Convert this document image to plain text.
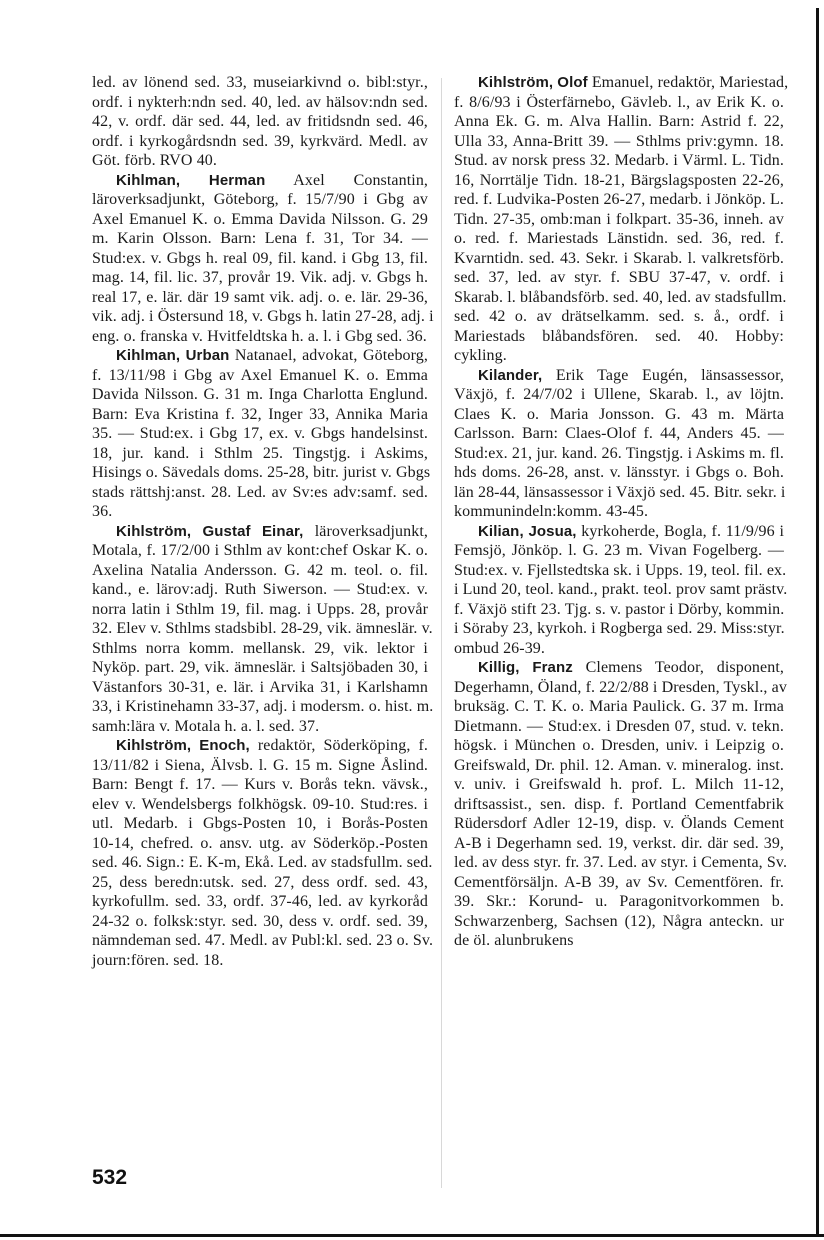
led. av lönend sed. 33, museiarkivnd o. bibl:styr.,
ordf. i nykterh:ndn sed. 40, led. av hälsov:ndn sed.
42, v. ordf. där sed. 44, led. av fritidsndn sed. 46,
ordf. i kyrkogårdsndn sed. 39, kyrkvärd. Medl. av
Göt. förb. RVO 40.
Kihlman, Herman Axel Constantin,
läroverksadjunkt, Göteborg, f. 15/7/90 i Gbg av
Axel Emanuel K. o. Emma Davida Nilsson. G. 29
m. Karin Olsson. Barn: Lena f. 31, Tor 34. —
Stud:ex. v. Gbgs h. real 09, fil. kand. i Gbg 13, fil.
mag. 14, fil. lic. 37, provår 19. Vik. adj. v. Gbgs h.
real 17, e. lär. där 19 samt vik. adj. o. e. lär. 29-36,
vik. adj. i Östersund 18, v. Gbgs h. latin 27-28, adj. i
eng. o. franska v. Hvitfeldtska h. a. l. i Gbg sed. 36.
Kihlman, Urban Natanael, advokat, Göteborg,
f. 13/11/98 i Gbg av Axel Emanuel K. o. Emma
Davida Nilsson. G. 31 m. Inga Charlotta Englund.
Barn: Eva Kristina f. 32, Inger 33, Annika Maria
35. — Stud:ex. i Gbg 17, ex. v. Gbgs handelsinst.
18, jur. kand. i Sthlm 25. Tingstjg. i Askims,
Hisings o. Sävedals doms. 25-28, bitr. jurist v. Gbgs
stads rättshj:anst. 28. Led. av Sv:es adv:samf. sed.
36.
Kihlström, Gustaf Einar, läroverksadjunkt,
Motala, f. 17/2/00 i Sthlm av kont:chef Oskar K. o.
Axelina Natalia Andersson. G. 42 m. teol. o. fil.
kand., e. lärov:adj. Ruth Siwerson. — Stud:ex. v.
norra latin i Sthlm 19, fil. mag. i Upps. 28, provår
32. Elev v. Sthlms stadsbibl. 28-29, vik. ämneslär. v.
Sthlms norra komm. mellansk. 29, vik. lektor i
Nyköp. part. 29, vik. ämneslär. i Saltsjöbaden 30, i
Västanfors 30-31, e. lär. i Arvika 31, i Karlshamn
33, i Kristinehamn 33-37, adj. i modersm. o. hist. m.
samh:lära v. Motala h. a. l. sed. 37.
Kihlström, Enoch, redaktör, Söderköping, f.
13/11/82 i Siena, Älvsb. l. G. 15 m. Signe Åslind.
Barn: Bengt f. 17. — Kurs v. Borås tekn. vävsk.,
elev v. Wendelsbergs folkhögsk. 09-10. Stud:res. i
utl. Medarb. i Gbgs-Posten 10, i Borås-Posten
10-14, chefred. o. ansv. utg. av Söderköp.-Posten
sed. 46. Sign.: E. K-m, Ekå. Led. av stadsfullm. sed.
25, dess beredn:utsk. sed. 27, dess ordf. sed. 43,
kyrkofullm. sed. 33, ordf. 37-46, led. av kyrkoråd
24-32 o. folksk:styr. sed. 30, dess v. ordf. sed. 39,
nämndeman sed. 47. Medl. av Publ:kl. sed. 23 o. Sv.
journ:fören. sed. 18.
Kihlström, Olof Emanuel, redaktör, Mariestad,
f. 8/6/93 i Österfärnebo, Gävleb. l., av Erik K. o.
Anna Ek. G. m. Alva Hallin. Barn: Astrid f. 22,
Ulla 33, Anna-Britt 39. — Sthlms priv:gymn. 18.
Stud. av norsk press 32. Medarb. i Värml. L. Tidn.
16, Norrtälje Tidn. 18-21, Bärgslagsposten 22-26,
red. f. Ludvika-Posten 26-27, medarb. i Jönköp. L.
Tidn. 27-35, omb:man i folkpart. 35-36, inneh. av
o. red. f. Mariestads Länstidn. sed. 36, red. f.
Kvarntidn. sed. 43. Sekr. i Skarab. l. valkretsförb.
sed. 37, led. av styr. f. SBU 37-47, v. ordf. i
Skarab. l. blåbandsförb. sed. 40, led. av stadsfullm.
sed. 42 o. av drätselkamm. sed. s. å., ordf. i
Mariestads blåbandsfören. sed. 40. Hobby:
cykling.
Kilander, Erik Tage Eugén, länsassessor,
Växjö, f. 24/7/02 i Ullene, Skarab. l., av löjtn.
Claes K. o. Maria Jonsson. G. 43 m. Märta
Carlsson. Barn: Claes-Olof f. 44, Anders 45. —
Stud:ex. 21, jur. kand. 26. Tingstjg. i Askims m. fl.
hds doms. 26-28, anst. v. länsstyr. i Gbgs o. Boh.
län 28-44, länsassessor i Växjö sed. 45. Bitr. sekr. i
kommunindeln:komm. 43-45.
Kilian, Josua, kyrkoherde, Bogla, f. 11/9/96 i
Femsjö, Jönköp. l. G. 23 m. Vivan Fogelberg. —
Stud:ex. v. Fjellstedtska sk. i Upps. 19, teol. fil. ex.
i Lund 20, teol. kand., prakt. teol. prov samt prästv.
f. Växjö stift 23. Tjg. s. v. pastor i Dörby, kommin.
i Söraby 23, kyrkoh. i Rogberga sed. 29. Miss:styr.
ombud 26-39.
Killig, Franz Clemens Teodor, disponent,
Degerhamn, Öland, f. 22/2/88 i Dresden, Tyskl., av
bruksäg. C. T. K. o. Maria Paulick. G. 37 m. Irma
Dietmann. — Stud:ex. i Dresden 07, stud. v. tekn.
högsk. i München o. Dresden, univ. i Leipzig o.
Greifswald, Dr. phil. 12. Aman. v. mineralog. inst.
v. univ. i Greifswald h. prof. L. Milch 11-12,
driftsassist., sen. disp. f. Portland Cementfabrik
Rüdersdorf Adler 12-19, disp. v. Ölands Cement
A-B i Degerhamn sed. 19, verkst. dir. där sed. 39,
led. av dess styr. fr. 37. Led. av styr. i Cementa, Sv.
Cementförsäljn. A-B 39, av Sv. Cementfören. fr.
39. Skr.: Korund- u. Paragonitvorkommen b.
Schwarzenberg, Sachsen (12), Några anteckn. ur
de öl. alunbrukens
532
